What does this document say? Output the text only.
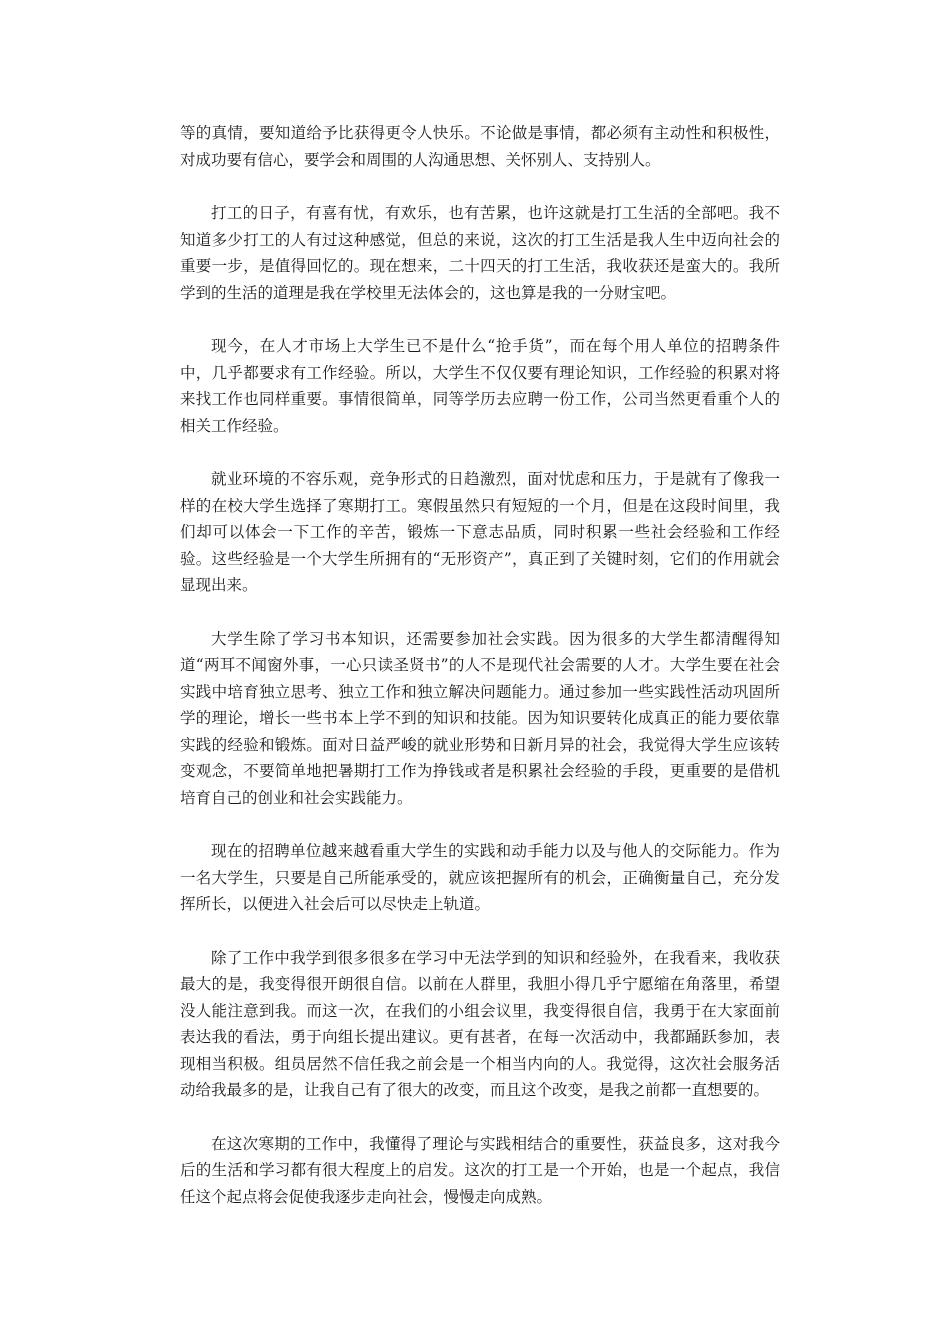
等的真情，要知道给予比获得更令人快乐。不论做是事情，都必须有主动性和积极性，对成功要有信心，要学会和周围的人沟通思想、关怀别人、支持别人。

打工的日子，有喜有忧，有欢乐，也有苦累，也许这就是打工生活的全部吧。我不知道多少打工的人有过这种感觉，但总的来说，这次的打工生活是我人生中迈向社会的重要一步，是值得回忆的。现在想来，二十四天的打工生活，我收获还是蛮大的。我所学到的生活的道理是我在学校里无法体会的，这也算是我的一分财宝吧。

现今，在人才市场上大学生已不是什么“抢手货”，而在每个用人单位的招聘条件中，几乎都要求有工作经验。所以，大学生不仅仅要有理论知识，工作经验的积累对将来找工作也同样重要。事情很简单，同等学历去应聘一份工作，公司当然更看重个人的相关工作经验。

就业环境的不容乐观，竞争形式的日趋激烈，面对忧虑和压力，于是就有了像我一样的在校大学生选择了寒期打工。寒假虽然只有短短的一个月，但是在这段时间里，我们却可以体会一下工作的辛苦，锻炼一下意志品质，同时积累一些社会经验和工作经验。这些经验是一个大学生所拥有的“无形资产”，真正到了关键时刻，它们的作用就会显现出来。

大学生除了学习书本知识，还需要参加社会实践。因为很多的大学生都清醒得知道“两耳不闻窗外事，一心只读圣贤书”的人不是现代社会需要的人才。大学生要在社会实践中培育独立思考、独立工作和独立解决问题能力。通过参加一些实践性活动巩固所学的理论，增长一些书本上学不到的知识和技能。因为知识要转化成真正的能力要依靠实践的经验和锻炼。面对日益严峻的就业形势和日新月异的社会，我觉得大学生应该转变观念，不要简单地把暑期打工作为挣钱或者是积累社会经验的手段，更重要的是借机培育自己的创业和社会实践能力。

现在的招聘单位越来越看重大学生的实践和动手能力以及与他人的交际能力。作为一名大学生，只要是自己所能承受的，就应该把握所有的机会，正确衡量自己，充分发挥所长，以便进入社会后可以尽快走上轨道。

除了工作中我学到很多很多在学习中无法学到的知识和经验外，在我看来，我收获最大的是，我变得很开朗很自信。以前在人群里，我胆小得几乎宁愿缩在角落里，希望没人能注意到我。而这一次，在我们的小组会议里，我变得很自信，我勇于在大家面前表达我的看法，勇于向组长提出建议。更有甚者，在每一次活动中，我都踊跃参加，表现相当积极。组员居然不信任我之前会是一个相当内向的人。我觉得，这次社会服务活动给我最多的是，让我自己有了很大的改变，而且这个改变，是我之前都一直想要的。

在这次寒期的工作中，我懂得了理论与实践相结合的重要性，获益良多，这对我今后的生活和学习都有很大程度上的启发。这次的打工是一个开始，也是一个起点，我信任这个起点将会促使我逐步走向社会，慢慢走向成熟。
